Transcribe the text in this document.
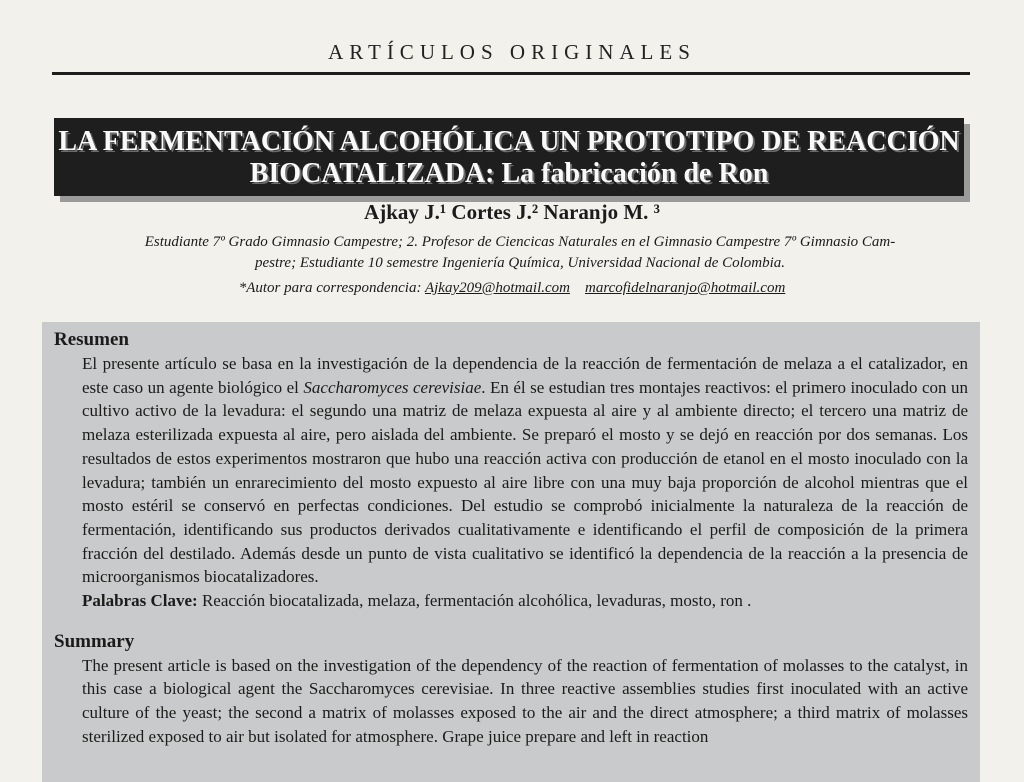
ARTÍCULOS ORIGINALES
LA FERMENTACIÓN ALCOHÓLICA UN PROTOTIPO DE REACCIÓN
BIOCATALIZADA: La fabricación de Ron
Ajkay J.¹ Cortes J.² Naranjo M. ³
Estudiante 7º Grado Gimnasio Campestre; 2. Profesor de Ciencicas Naturales en el Gimnasio Campestre 7º Gimnasio Cam-
pestre; Estudiante 10 semestre Ingeniería Química, Universidad Nacional de Colombia.
*Autor para correspondencia: Ajkay209@hotmail.com marcofidelnaranjo@hotmail.com
Resumen

El presente artículo se basa en la investigación de la dependencia de la reacción de fermentación de melaza a el catalizador, en este caso un agente biológico el Saccharomyces cerevisiae. En él se estudian tres montajes reactivos: el primero inoculado con un cultivo activo de la levadura: el segundo una matriz de melaza expuesta al aire y al ambiente directo; el tercero una matriz de melaza esterilizada expuesta al aire, pero aislada del ambiente. Se preparó el mosto y se dejó en reacción por dos semanas. Los resultados de estos experimentos mostraron que hubo una reacción activa con producción de etanol en el mosto inoculado con la levadura; también un enrarecimiento del mosto expuesto al aire libre con una muy baja proporción de alcohol mientras que el mosto estéril se conservó en perfectas condiciones. Del estudio se comprobó inicialmente la naturaleza de la reacción de fermentación, identificando sus productos derivados cualitativamente e identificando el perfil de composición de la primera fracción del destilado. Además desde un punto de vista cualitativo se identificó la dependencia de la reacción a la presencia de microorganismos biocatalizadores.

Palabras Clave: Reacción biocatalizada, melaza, fermentación alcohólica, levaduras, mosto, ron .
Summary

The present article is based on the investigation of the dependency of the reaction of fermentation of molasses to the catalyst, in this case a biological agent the Saccharomyces cerevisiae. In three reactive assemblies studies first inoculated with an active culture of the yeast; the second a matrix of molasses exposed to the air and the direct atmosphere; a third matrix of molasses sterilized exposed to air but isolated for atmosphere. Grape juice prepare and left in reaction
